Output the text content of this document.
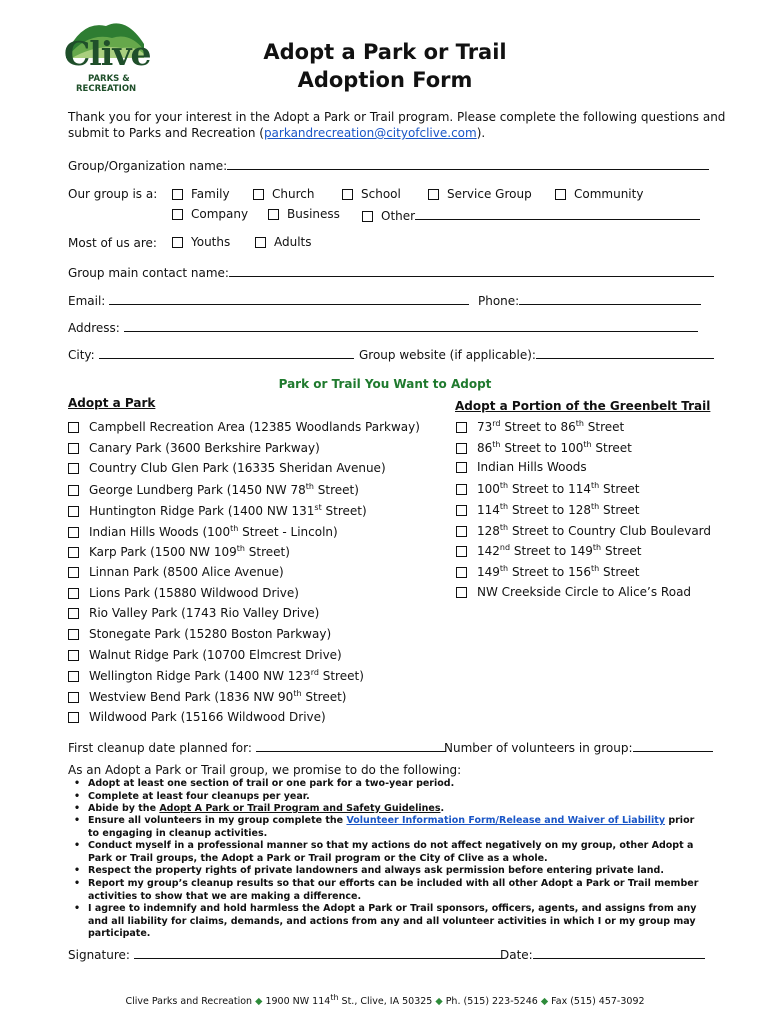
Clive
PARKS &
RECREATION
Adopt a Park or Trail
Adoption Form
Thank you for your interest in the Adopt a Park or Trail program. Please complete the following questions and
submit to Parks and Recreation (parkandrecreation@cityofclive.com).
Group/Organization name:
Our group is a:	Family	Church	School	Service Group	Community
Company	Business	Other
Most of us are:	Youths	Adults
Group main contact name:
Email:	Phone:
Address:
City:	Group website (if applicable):
Park or Trail You Want to Adopt
Adopt a Park	Adopt a Portion of the Greenbelt Trail
Campbell Recreation Area (12385 Woodlands Parkway)
Canary Park (3600 Berkshire Parkway)
Country Club Glen Park (16335 Sheridan Avenue)
George Lundberg Park (1450 NW 78th Street)
Huntington Ridge Park (1400 NW 131st Street)
Indian Hills Woods (100th Street - Lincoln)
Karp Park (1500 NW 109th Street)
Linnan Park (8500 Alice Avenue)
Lions Park (15880 Wildwood Drive)
Rio Valley Park (1743 Rio Valley Drive)
Stonegate Park (15280 Boston Parkway)
Walnut Ridge Park (10700 Elmcrest Drive)
Wellington Ridge Park (1400 NW 123rd Street)
Westview Bend Park (1836 NW 90th Street)
Wildwood Park (15166 Wildwood Drive)
73rd Street to 86th Street
86th Street to 100th Street
Indian Hills Woods
100th Street to 114th Street
114th Street to 128th Street
128th Street to Country Club Boulevard
142nd Street to 149th Street
149th Street to 156th Street
NW Creekside Circle to Alice’s Road
First cleanup date planned for:	Number of volunteers in group:
As an Adopt a Park or Trail group, we promise to do the following:
• Adopt at least one section of trail or one park for a two-year period.
• Complete at least four cleanups per year.
• Abide by the Adopt A Park or Trail Program and Safety Guidelines.
• Ensure all volunteers in my group complete the Volunteer Information Form/Release and Waiver of Liability prior to engaging in cleanup activities.
• Conduct myself in a professional manner so that my actions do not affect negatively on my group, other Adopt a Park or Trail groups, the Adopt a Park or Trail program or the City of Clive as a whole.
• Respect the property rights of private landowners and always ask permission before entering private land.
• Report my group’s cleanup results so that our efforts can be included with all other Adopt a Park or Trail member activities to show that we are making a difference.
• I agree to indemnify and hold harmless the Adopt a Park or Trail sponsors, officers, agents, and assigns from any and all liability for claims, demands, and actions from any and all volunteer activities in which I or my group may participate.
Signature:	Date:
Clive Parks and Recreation ◆ 1900 NW 114th St., Clive, IA 50325 ◆ Ph. (515) 223-5246 ◆ Fax (515) 457-3092
